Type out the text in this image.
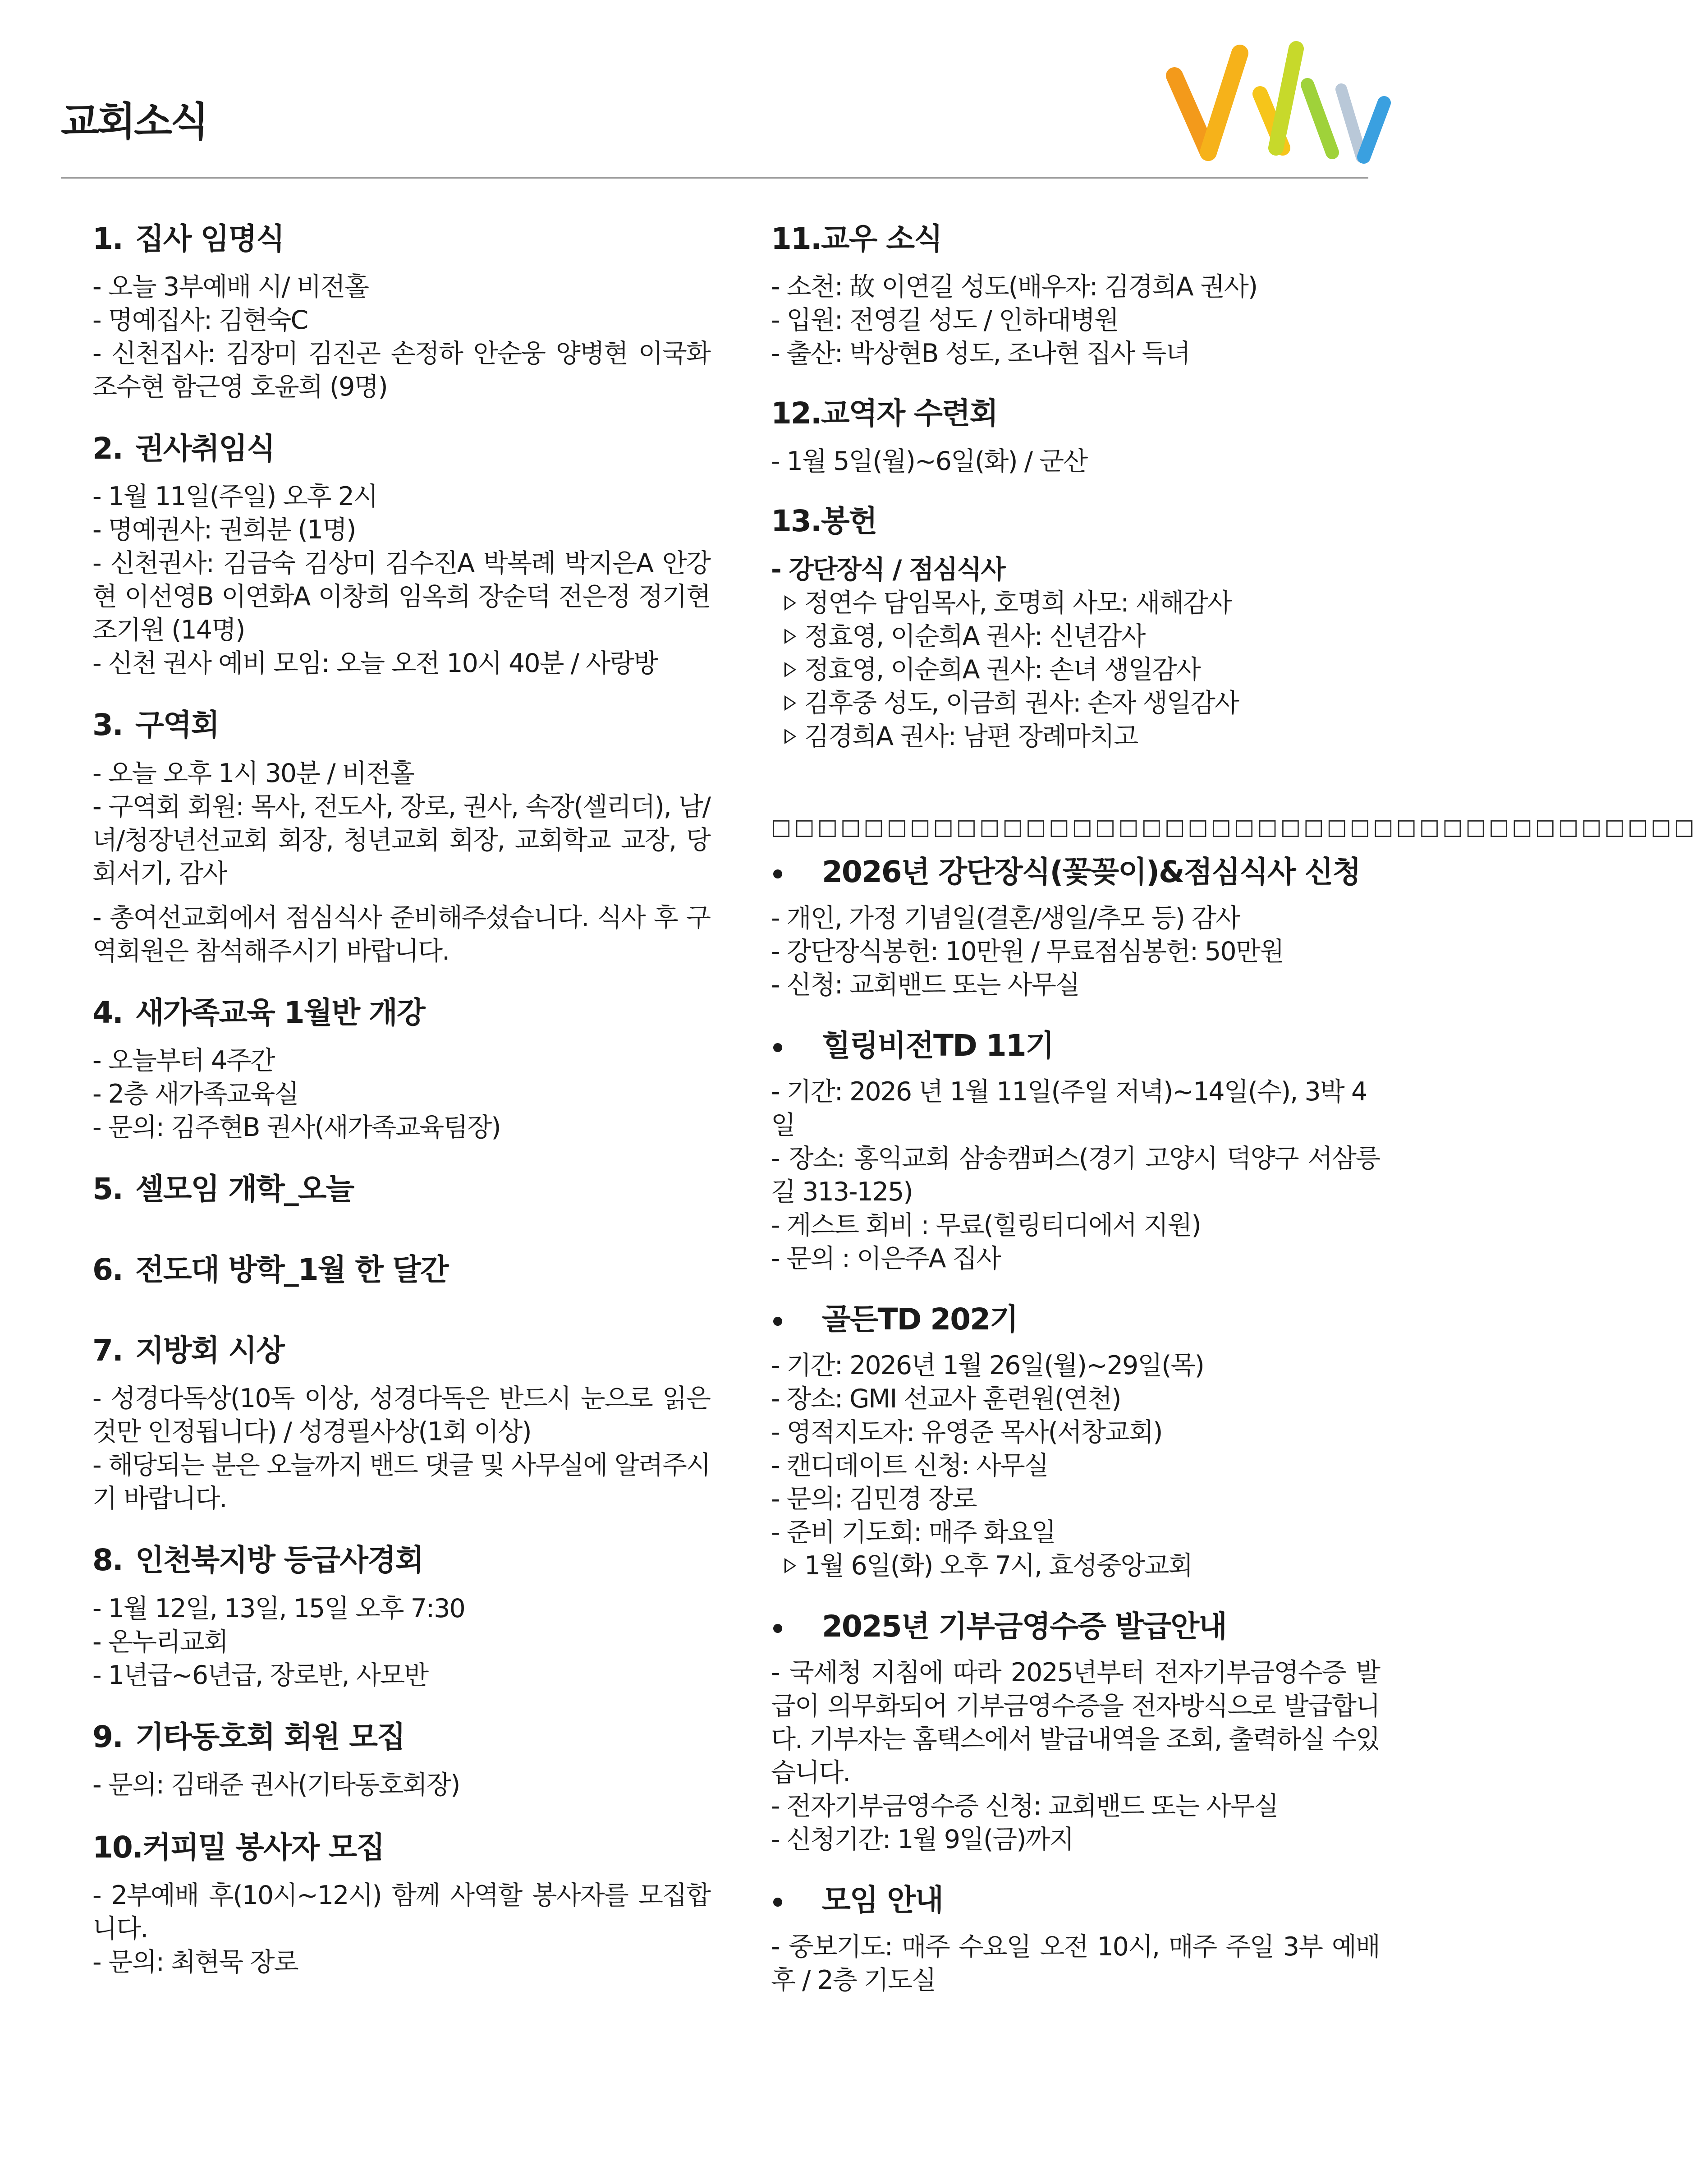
교회소식
1. 집사 임명식

- 오늘 3부예배 시/ 비전홀

- 명예집사: 김현숙C

- 신천집사: 김장미 김진곤 손정하 안순웅 양병현 이국화 조수현 함근영 호윤희 (9명)

2. 권사취임식

- 1월 11일(주일) 오후 2시

- 명예권사: 권희분 (1명)

- 신천권사: 김금숙 김상미 김수진A 박복례 박지은A 안강현 이선영B 이연화A 이창희 임옥희 장순덕 전은정 정기현 조기원 (14명)

- 신천 권사 예비 모임: 오늘 오전 10시 40분 / 사랑방

3. 구역회

- 오늘 오후 1시 30분 / 비전홀

- 구역회 회원: 목사, 전도사, 장로, 권사, 속장(셀리더), 남/녀/청장년선교회 회장, 청년교회 회장, 교회학교 교장, 당회서기, 감사

- 총여선교회에서 점심식사 준비해주셨습니다. 식사 후 구역회원은 참석해주시기 바랍니다.

4. 새가족교육 1월반 개강

- 오늘부터 4주간

- 2층 새가족교육실

- 문의: 김주현B 권사(새가족교육팀장)

5. 셀모임 개학_오늘
6. 전도대 방학_1월 한 달간
7. 지방회 시상

- 성경다독상(10독 이상, 성경다독은 반드시 눈으로 읽은 것만 인정됩니다) / 성경필사상(1회 이상)

- 해당되는 분은 오늘까지 밴드 댓글 및 사무실에 알려주시기 바랍니다.

8. 인천북지방 등급사경회

- 1월 12일, 13일, 15일 오후 7:30

- 온누리교회

- 1년급~6년급, 장로반, 사모반

9. 기타동호회 회원 모집

- 문의: 김태준 권사(기타동호회장)

10.커피밀 봉사자 모집

- 2부예배 후(10시~12시) 함께 사역할 봉사자를 모집합니다.

- 문의: 최현묵 장로

11.교우 소식

- 소천: 故 이연길 성도(배우자: 김경희A 권사)

- 입원: 전영길 성도 / 인하대병원

- 출산: 박상현B 성도, 조나현 집사 득녀

12.교역자 수련회

- 1월 5일(월)~6일(화) / 군산

13.봉헌

- 강단장식 / 점심식사

정연수 담임목사, 호명희 사모: 새해감사

정효영, 이순희A 권사: 신년감사

정효영, 이순희A 권사: 손녀 생일감사

김후중 성도, 이금희 권사: 손자 생일감사

김경희A 권사: 남편 장례마치고

□□□□□□□□□□□□□□□□□□□□□□□□□□□□□□□□□□□□□□□□

2026년 강단장식(꽃꽂이)&점심식사 신청

- 개인, 가정 기념일(결혼/생일/추모 등) 감사

- 강단장식봉헌: 10만원 / 무료점심봉헌: 50만원

- 신청: 교회밴드 또는 사무실

힐링비전TD 11기

- 기간: 2026 년 1월 11일(주일 저녁)~14일(수), 3박 4일

- 장소: 홍익교회 삼송캠퍼스(경기 고양시 덕양구 서삼릉길 313-125)

- 게스트 회비 : 무료(힐링티디에서 지원)

- 문의 : 이은주A 집사

골든TD 202기

- 기간: 2026년 1월 26일(월)~29일(목)

- 장소: GMI 선교사 훈련원(연천)

- 영적지도자: 유영준 목사(서창교회)

- 캔디데이트 신청: 사무실

- 문의: 김민경 장로

- 준비 기도회: 매주 화요일

1월 6일(화) 오후 7시, 효성중앙교회

2025년 기부금영수증 발급안내

- 국세청 지침에 따라 2025년부터 전자기부금영수증 발급이 의무화되어 기부금영수증을 전자방식으로 발급합니다. 기부자는 홈택스에서 발급내역을 조회, 출력하실 수있습니다.

- 전자기부금영수증 신청: 교회밴드 또는 사무실

- 신청기간: 1월 9일(금)까지

모임 안내

- 중보기도: 매주 수요일 오전 10시, 매주 주일 3부 예배 후 / 2층 기도실
